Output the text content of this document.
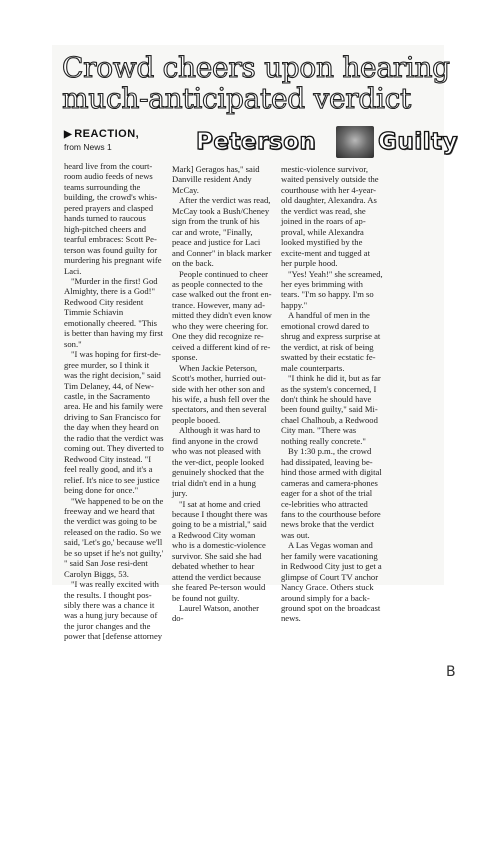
Crowd cheers upon hearing
much-anticipated verdict
▶ REACTION,
from News 1	Peterson	Guilty

heard live from the court-room audio feeds of news teams surrounding the building, the crowd's whis-pered prayers and clasped hands turned to raucous high-pitched cheers and tearful embraces: Scott Pe-terson was found guilty for murdering his pregnant wife Laci.

"Murder in the first! God Almighty, there is a God!" Redwood City resident Timmie Schiavin emotionally cheered. "This is better than having my first son."

"I was hoping for first-de-gree murder, so I think it was the right decision," said Tim Delaney, 44, of New-castle, in the Sacramento area. He and his family were driving to San Francisco for the day when they heard on the radio that the verdict was coming out. They diverted to Redwood City instead. "I feel really good, and it's a relief. It's nice to see justice being done for once."

"We happened to be on the freeway and we heard that the verdict was going to be released on the radio. So we said, 'Let's go,' because we'll be so upset if he's not guilty,' " said San Jose resi-dent Carolyn Biggs, 53.

"I was really excited with the results. I thought pos-sibly there was a chance it was a hung jury because of the juror changes and the power that [defense attorney

Mark] Geragos has," said Danville resident Andy McCay.

After the verdict was read, McCay took a Bush/Cheney sign from the trunk of his car and wrote, "Finally, peace and justice for Laci and Conner" in black marker on the back.

People continued to cheer as people connected to the case walked out the front en-trance. However, many ad-mitted they didn't even know who they were cheering for. One they did recognize re-ceived a different kind of re-sponse.

When Jackie Peterson, Scott's mother, hurried out-side with her other son and his wife, a hush fell over the spectators, and then several people booed.

Although it was hard to find anyone in the crowd who was not pleased with the ver-dict, people looked genuinely shocked that the trial didn't end in a hung jury.

"I sat at home and cried because I thought there was going to be a mistrial," said a Redwood City woman who is a domestic-violence survivor. She said she had debated whether to hear attend the verdict because she feared Pe-terson would be found not guilty.

Laurel Watson, another do-

mestic-violence survivor, waited pensively outside the courthouse with her 4-year-old daughter, Alexandra. As the verdict was read, she joined in the roars of ap-proval, while Alexandra looked mystified by the excite-ment and tugged at her purple hood.

"Yes! Yeah!" she screamed, her eyes brimming with tears. "I'm so happy. I'm so happy."

A handful of men in the emotional crowd dared to shrug and express surprise at the verdict, at risk of being swatted by their ecstatic fe-male counterparts.

"I think he did it, but as far as the system's concerned, I don't think he should have been found guilty," said Mi-chael Chalhoub, a Redwood City man. "There was nothing really concrete."

By 1:30 p.m., the crowd had dissipated, leaving be-hind those armed with digital cameras and camera-phones eager for a shot of the trial ce-lebrities who attracted fans to the courthouse before news broke that the verdict was out.

A Las Vegas woman and her family were vacationing in Redwood City just to get a glimpse of Court TV anchor Nancy Grace. Others stuck around simply for a back-ground spot on the broadcast news.

B
